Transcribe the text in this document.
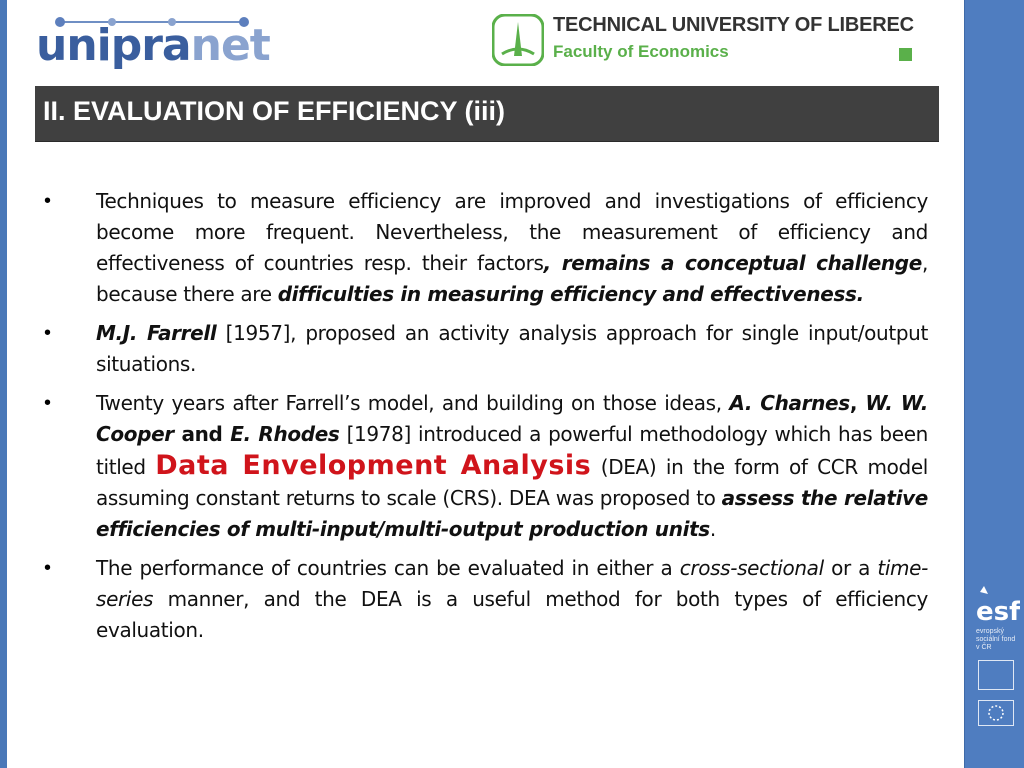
unipranet	TECHNICAL UNIVERSITY OF LIBEREC
Faculty of Economics
II. EVALUATION OF EFFICIENCY (iii)
•	Techniques to measure efficiency are improved and investigations of efficiency become more frequent. Nevertheless, the measurement of efficiency and effectiveness of countries resp. their factors, remains a conceptual challenge, because there are difficulties in measuring efficiency and effectiveness.
•	M.J. Farrell [1957], proposed an activity analysis approach for single input/output situations.
•	Twenty years after Farrell’s model, and building on those ideas, A. Charnes, W. W. Cooper and E. Rhodes [1978] introduced a powerful methodology which has been titled Data Envelopment Analysis (DEA) in the form of CCR model assuming constant returns to scale (CRS). DEA was proposed to assess the relative efficiencies of multi-input/multi-output production units.
•	The performance of countries can be evaluated in either a cross-sectional or a time-series manner, and the DEA is a useful method for both types of efficiency evaluation.
esf
evropský sociální fond v ČR
